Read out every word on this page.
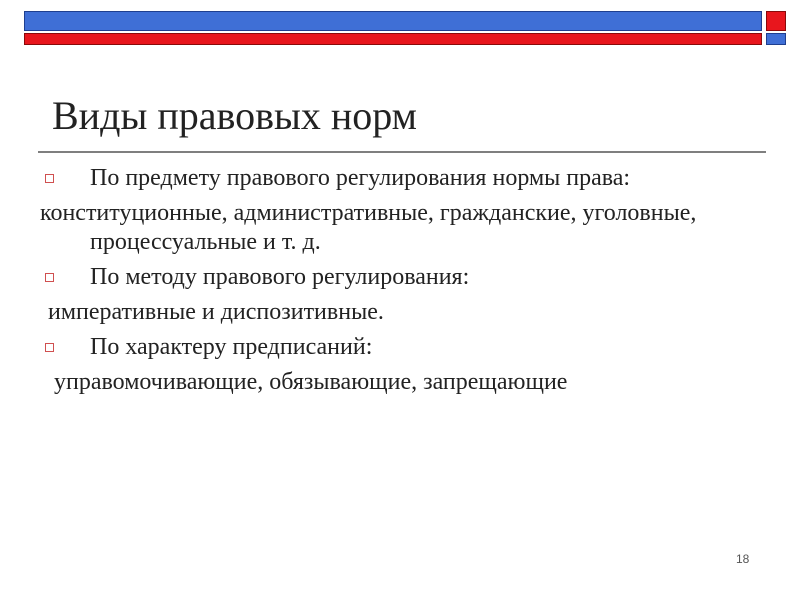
Виды правовых норм
По предмету правового регулирования нормы права:
конституционные, административные, гражданские, уголовные, процессуальные и т. д.
По методу правового регулирования:
императивные и диспозитивные.
По характеру предписаний:
управомочивающие, обязывающие, запрещающие
18
